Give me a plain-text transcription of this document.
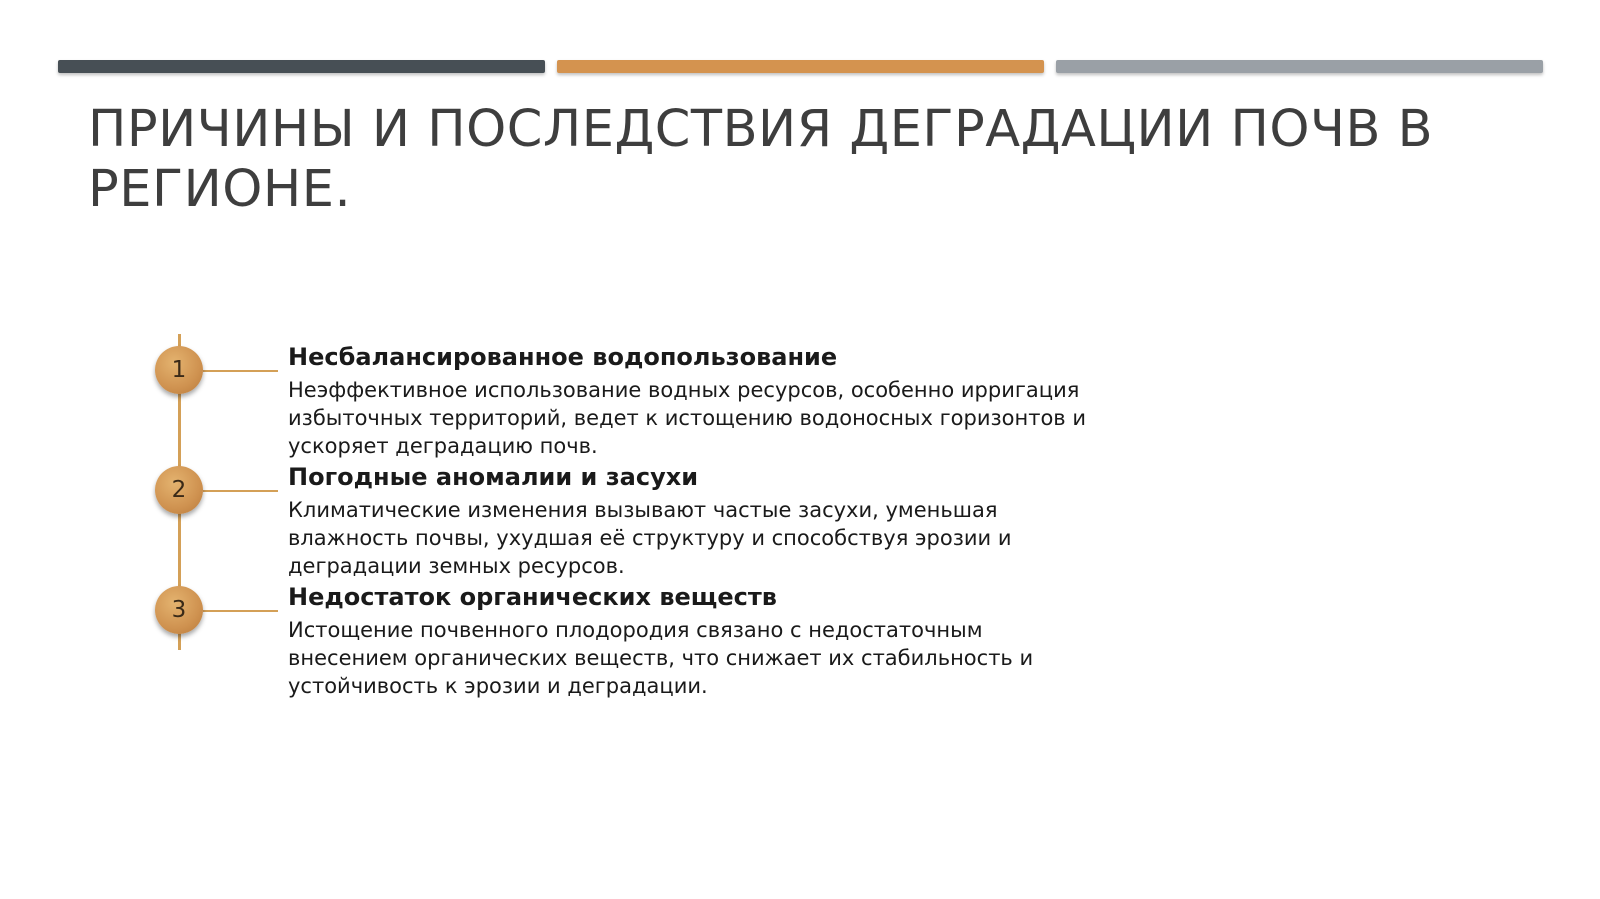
ПРИЧИНЫ И ПОСЛЕДСТВИЯ ДЕГРАДАЦИИ ПОЧВ В РЕГИОНЕ.
1	Несбалансированное водопользование

Неэффективное использование водных ресурсов, особенно ирригация избыточных территорий, ведет к истощению водоносных горизонтов и ускоряет деградацию почв.

2	Погодные аномалии и засухи

Климатические изменения вызывают частые засухи, уменьшая влажность почвы, ухудшая её структуру и способствуя эрозии и деградации земных ресурсов.

3	Недостаток органических веществ

Истощение почвенного плодородия связано с недостаточным внесением органических веществ, что снижает их стабильность и устойчивость к эрозии и деградации.
